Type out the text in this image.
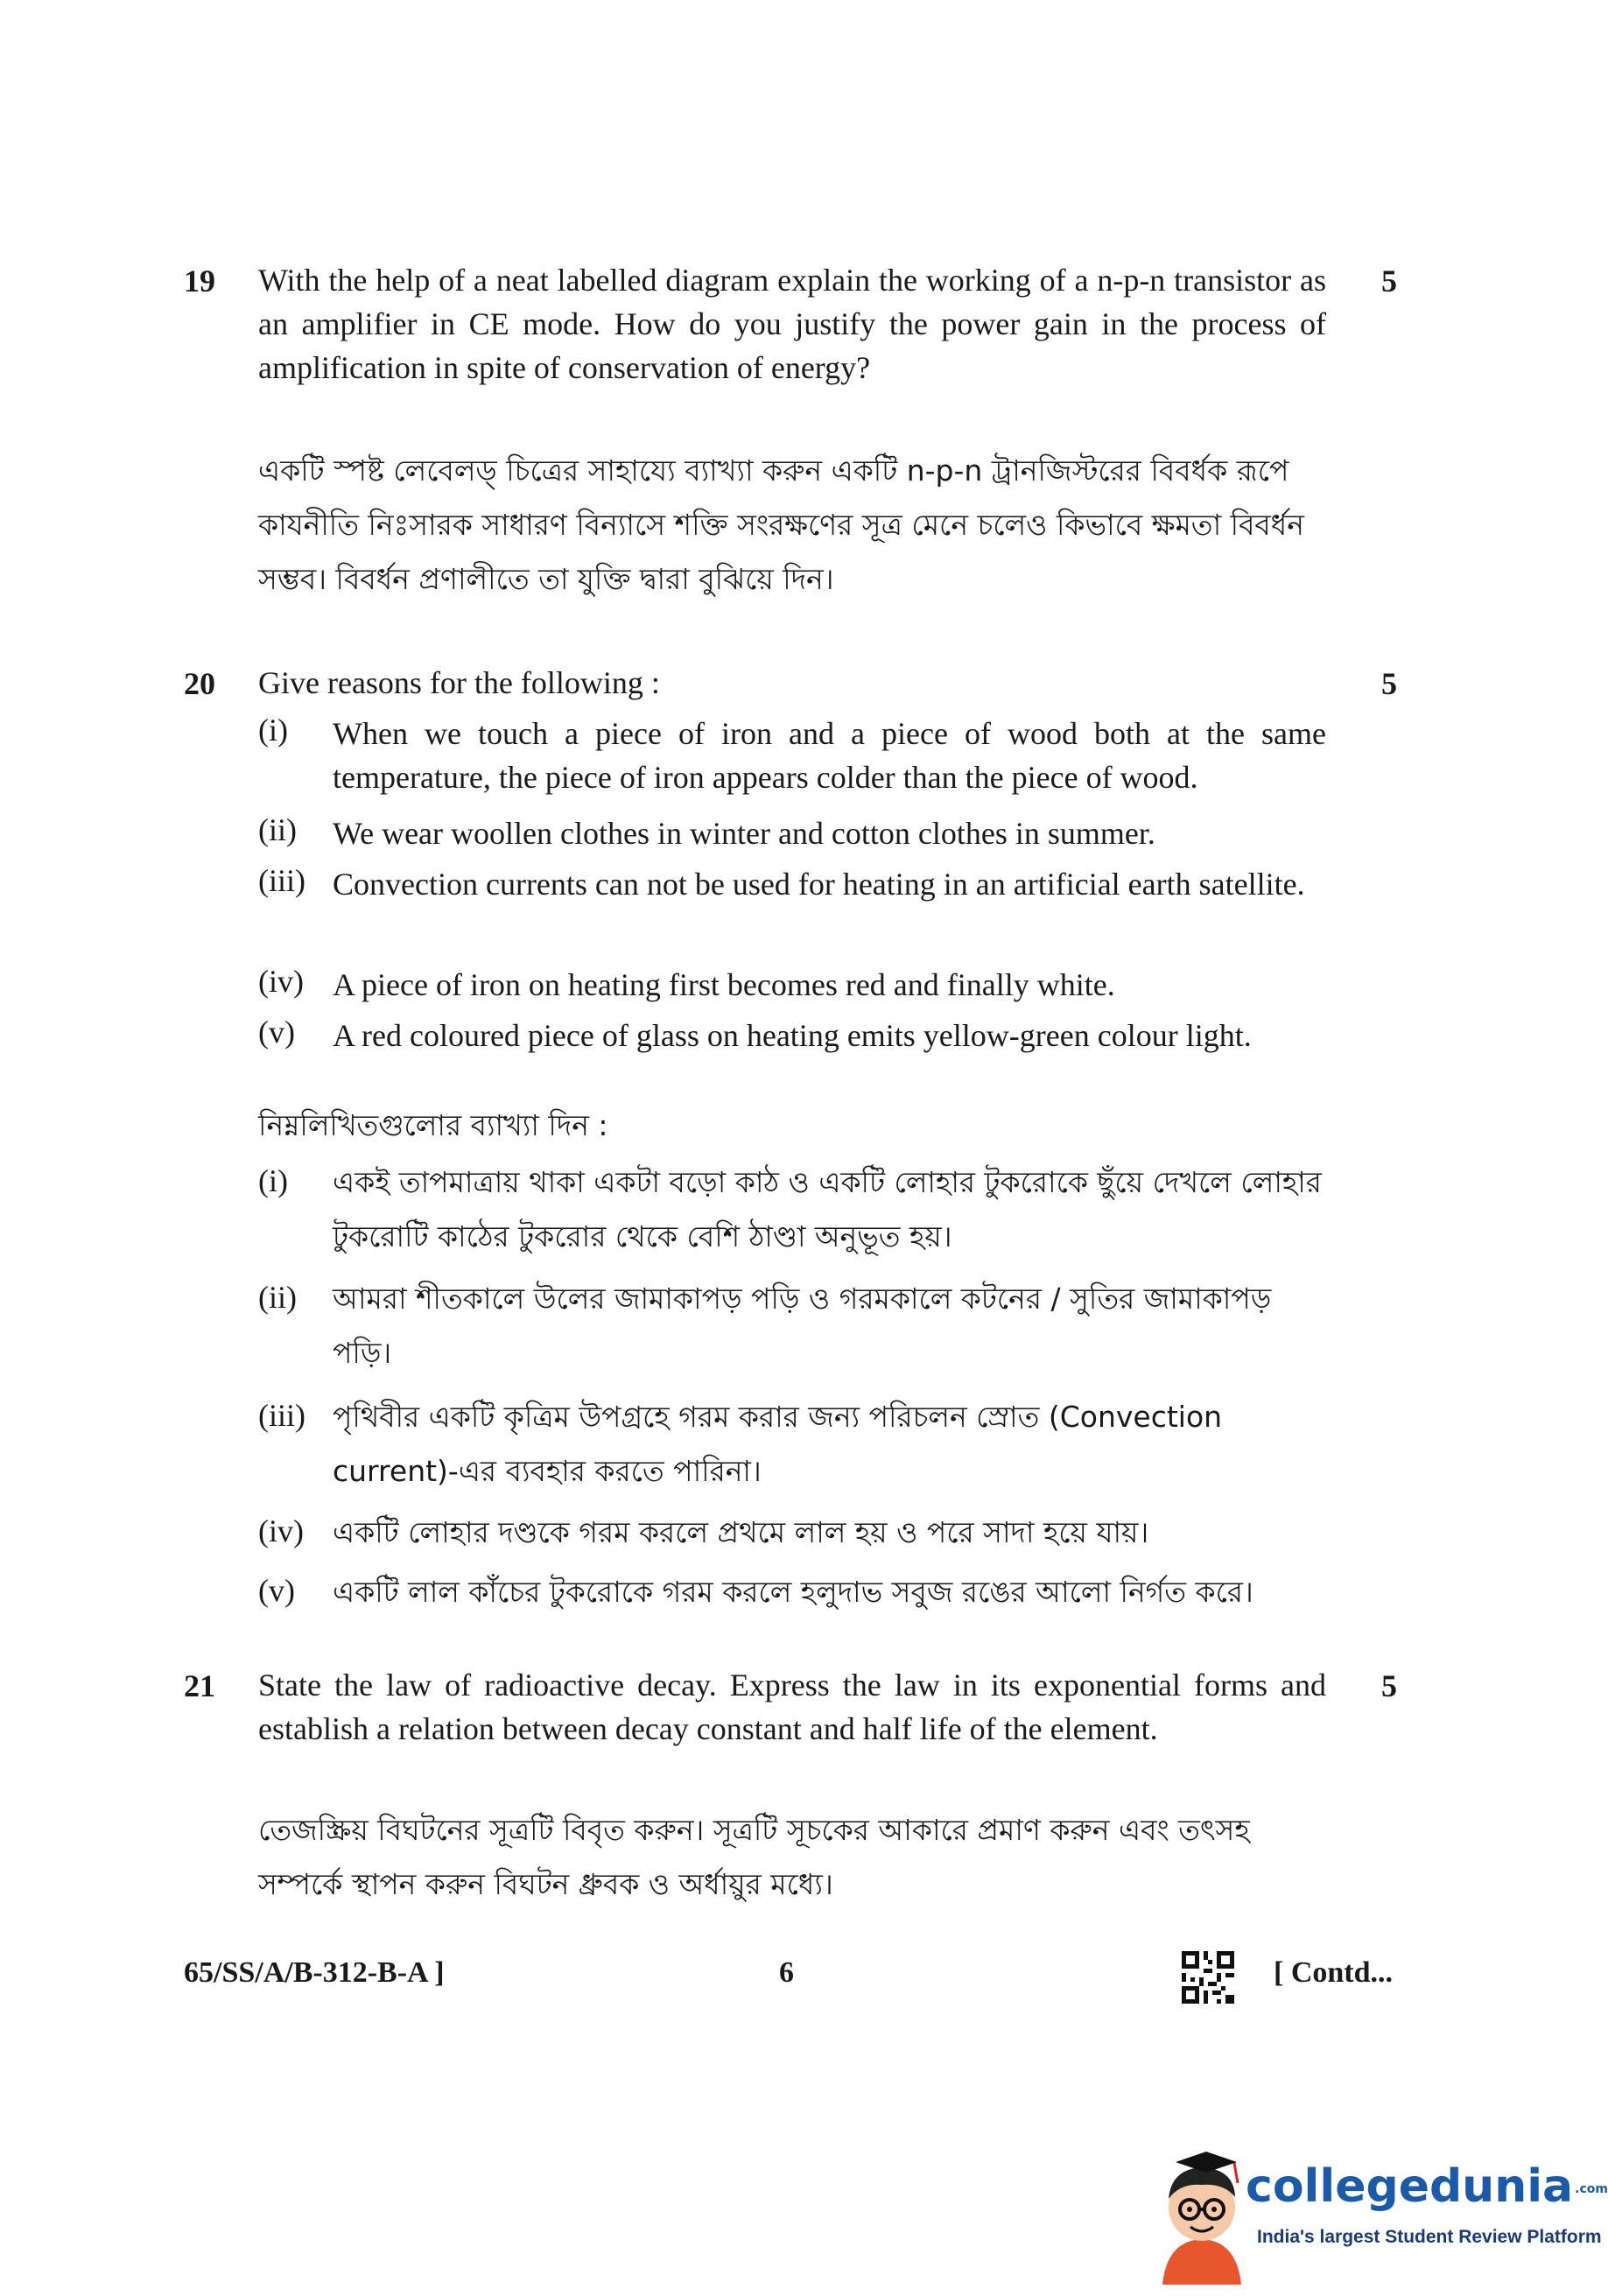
19	5
With the help of a neat labelled diagram explain the working of a n-p-n transistor as an amplifier in CE mode. How do you justify the power gain in the process of amplification in spite of conservation of energy?
একটি স্পষ্ট লেবেলড্ চিত্রের সাহায্যে ব্যাখ্যা করুন একটি n-p-n ট্রানজিস্টরের বিবর্ধক রূপে কাযনীতি নিঃসারক সাধারণ বিন্যাসে শক্তি সংরক্ষণের সূত্র মেনে চলেও কিভাবে ক্ষমতা বিবর্ধন সম্ভব। বিবর্ধন প্রণালীতে তা যুক্তি দ্বারা বুঝিয়ে দিন।
20	5
Give reasons for the following :
(i) When we touch a piece of iron and a piece of wood both at the same temperature, the piece of iron appears colder than the piece of wood.
(ii) We wear woollen clothes in winter and cotton clothes in summer.
(iii) Convection currents can not be used for heating in an artificial earth satellite.
(iv) A piece of iron on heating first becomes red and finally white.
(v) A red coloured piece of glass on heating emits yellow-green colour light.
নিম্নলিখিতগুলোর ব্যাখ্যা দিন :
(i) একই তাপমাত্রায় থাকা একটা বড়ো কাঠ ও একটি লোহার টুকরোকে ছুঁয়ে দেখলে লোহার টুকরোটি কাঠের টুকরোর থেকে বেশি ঠাণ্ডা অনুভূত হয়।
(ii) আমরা শীতকালে উলের জামাকাপড় পড়ি ও গরমকালে কটনের / সুতির জামাকাপড় পড়ি।
(iii) পৃথিবীর একটি কৃত্রিম উপগ্রহে গরম করার জন্য পরিচলন স্রোত (Convection current)-এর ব্যবহার করতে পারিনা।
(iv) একটি লোহার দণ্ডকে গরম করলে প্রথমে লাল হয় ও পরে সাদা হয়ে যায়।
(v) একটি লাল কাঁচের টুকরোকে গরম করলে হলুদাভ সবুজ রঙের আলো নির্গত করে।
21	5
State the law of radioactive decay. Express the law in its exponential forms and establish a relation between decay constant and half life of the element.
তেজস্ক্রিয় বিঘটনের সূত্রটি বিবৃত করুন। সূত্রটি সূচকের আকারে প্রমাণ করুন এবং তৎসহ সম্পর্কে স্থাপন করুন বিঘটন ধ্রুবক ও অর্ধায়ুর মধ্যে।
65/SS/A/B-312-B-A ]	6	[ Contd...
collegedunia .com
India's largest Student Review Platform
